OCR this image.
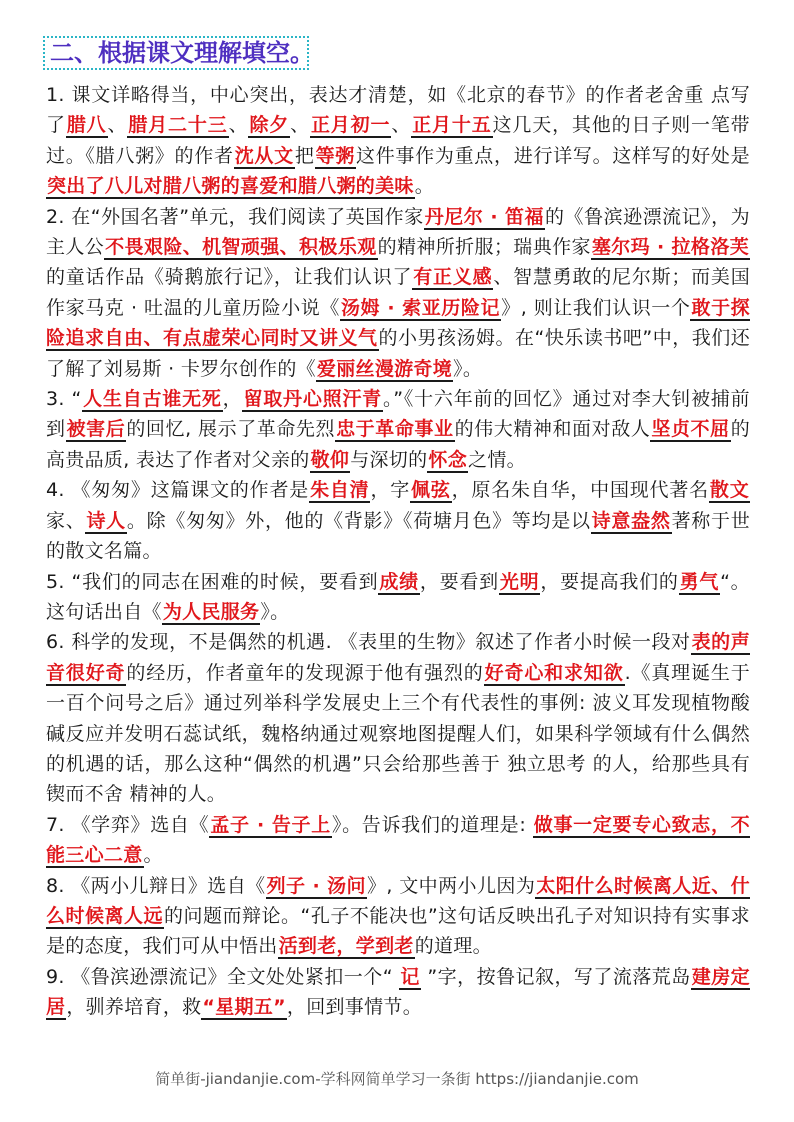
二、根据课文理解填空。

1. 课文详略得当，中心突出，表达才清楚，如《北京的春节》的作者老舍重 点写了腊八、腊月二十三、除夕、正月初一、正月十五这几天，其他的日子则一笔带过。《腊八粥》的作者沈从文把等粥这件事作为重点，进行详写。这样写的好处是突出了八儿对腊八粥的喜爱和腊八粥的美味。

2. 在“外国名著”单元，我们阅读了英国作家丹尼尔 · 笛福的《鲁滨逊漂流记》，为主人公不畏艰险、机智顽强、积极乐观的精神所折服；瑞典作家塞尔玛 · 拉格洛芙的童话作品《骑鹅旅行记》，让我们认识了有正义感、智慧勇敢的尼尔斯；而美国作家马克 · 吐温的儿童历险小说《汤姆 · 索亚历险记》, 则让我们认识一个敢于探险追求自由、有点虚荣心同时又讲义气的小男孩汤姆。在“快乐读书吧”中，我们还了解了刘易斯 · 卡罗尔创作的《爱丽丝漫游奇境》。

3. “人生自古谁无死，留取丹心照汗青。”《十六年前的回忆》通过对李大钊被捕前到被害后的回忆, 展示了革命先烈忠于革命事业的伟大精神和面对敌人坚贞不屈的高贵品质, 表达了作者对父亲的敬仰与深切的怀念之情。

4. 《匆匆》这篇课文的作者是朱自清，字佩弦，原名朱自华，中国现代著名散文家、诗人。除《匆匆》外，他的《背影》《荷塘月色》等均是以诗意盎然著称于世的散文名篇。

5. “我们的同志在困难的时候，要看到成绩，要看到光明，要提高我们的勇气“。这句话出自《为人民服务》。

6. 科学的发现，不是偶然的机遇. 《表里的生物》叙述了作者小时候一段对表的声音很好奇的经历，作者童年的发现源于他有强烈的好奇心和求知欲.《真理诞生于一百个问号之后》通过列举科学发展史上三个有代表性的事例: 波义耳发现植物酸碱反应并发明石蕊试纸，魏格纳通过观察地图提醒人们，如果科学领域有什么偶然的机遇的话，那么这种“偶然的机遇”只会给那些善于 独立思考 的人，给那些具有 锲而不舍 精神的人。

7. 《学弈》选自《孟子 · 告子上》。告诉我们的道理是: 做事一定要专心致志，不能三心二意。

8. 《两小儿辩日》选自《列子 · 汤问》, 文中两小儿因为太阳什么时候离人近、什么时候离人远的问题而辩论。“孔子不能决也”这句话反映出孔子对知识持有实事求是的态度，我们可从中悟出活到老，学到老的道理。

9. 《鲁滨逊漂流记》全文处处紧扣一个“ 记 ”字，按鲁记叙，写了流落荒岛建房定居，驯养培育，救“星期五”，回到事情节。

简单街-jiandanjie.com-学科网简单学习一条街 https://jiandanjie.com
